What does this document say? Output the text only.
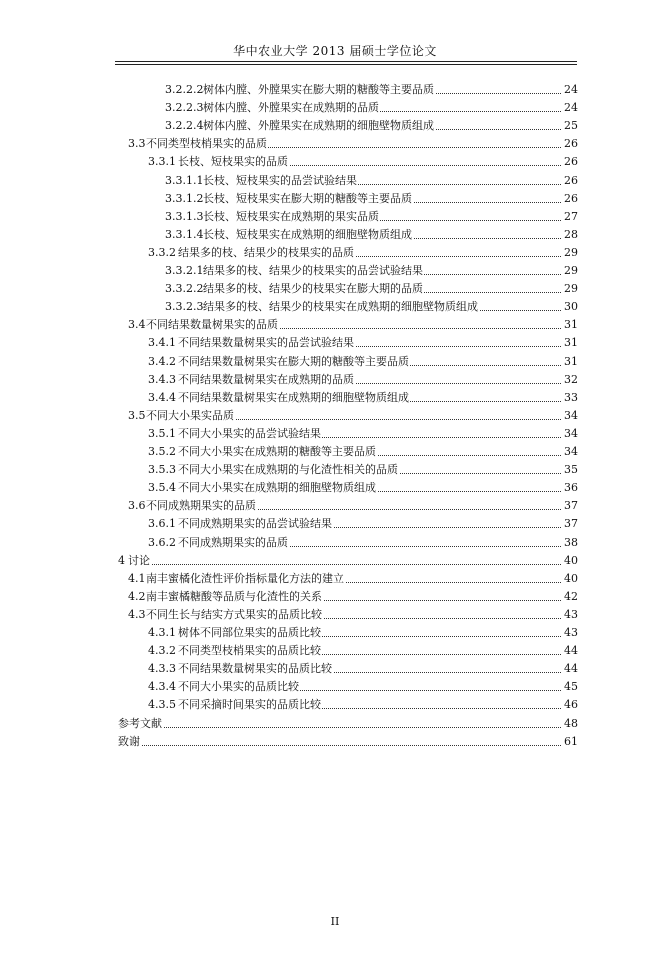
华中农业大学 2013 届硕士学位论文
3.2.2.2 树体内膛、外膛果实在膨大期的糖酸等主要品质	24
3.2.2.3 树体内膛、外膛果实在成熟期的品质	24
3.2.2.4 树体内膛、外膛果实在成熟期的细胞壁物质组成	25
3.3 不同类型枝梢果实的品质	26
3.3.1 长枝、短枝果实的品质	26
3.3.1.1 长枝、短枝果实的品尝试验结果	26
3.3.1.2 长枝、短枝果实在膨大期的糖酸等主要品质	26
3.3.1.3 长枝、短枝果实在成熟期的果实品质	27
3.3.1.4 长枝、短枝果实在成熟期的细胞壁物质组成	28
3.3.2 结果多的枝、结果少的枝果实的品质	29
3.3.2.1 结果多的枝、结果少的枝果实的品尝试验结果	29
3.3.2.2 结果多的枝、结果少的枝果实在膨大期的品质	29
3.3.2.3 结果多的枝、结果少的枝果实在成熟期的细胞壁物质组成	30
3.4 不同结果数量树果实的品质	31
3.4.1 不同结果数量树果实的品尝试验结果	31
3.4.2 不同结果数量树果实在膨大期的糖酸等主要品质	31
3.4.3 不同结果数量树果实在成熟期的品质	32
3.4.4 不同结果数量树果实在成熟期的细胞壁物质组成	33
3.5 不同大小果实品质	34
3.5.1 不同大小果实的品尝试验结果	34
3.5.2 不同大小果实在成熟期的糖酸等主要品质	34
3.5.3 不同大小果实在成熟期的与化渣性相关的品质	35
3.5.4 不同大小果实在成熟期的细胞壁物质组成	36
3.6 不同成熟期果实的品质	37
3.6.1 不同成熟期果实的品尝试验结果	37
3.6.2 不同成熟期果实的品质	38
4 讨论	40
4.1 南丰蜜橘化渣性评价指标量化方法的建立	40
4.2 南丰蜜橘糖酸等品质与化渣性的关系	42
4.3 不同生长与结实方式果实的品质比较	43
4.3.1 树体不同部位果实的品质比较	43
4.3.2 不同类型枝梢果实的品质比较	44
4.3.3 不同结果数量树果实的品质比较	44
4.3.4 不同大小果实的品质比较	45
4.3.5 不同采摘时间果实的品质比较	46
参考文献	48
致谢	61
II
